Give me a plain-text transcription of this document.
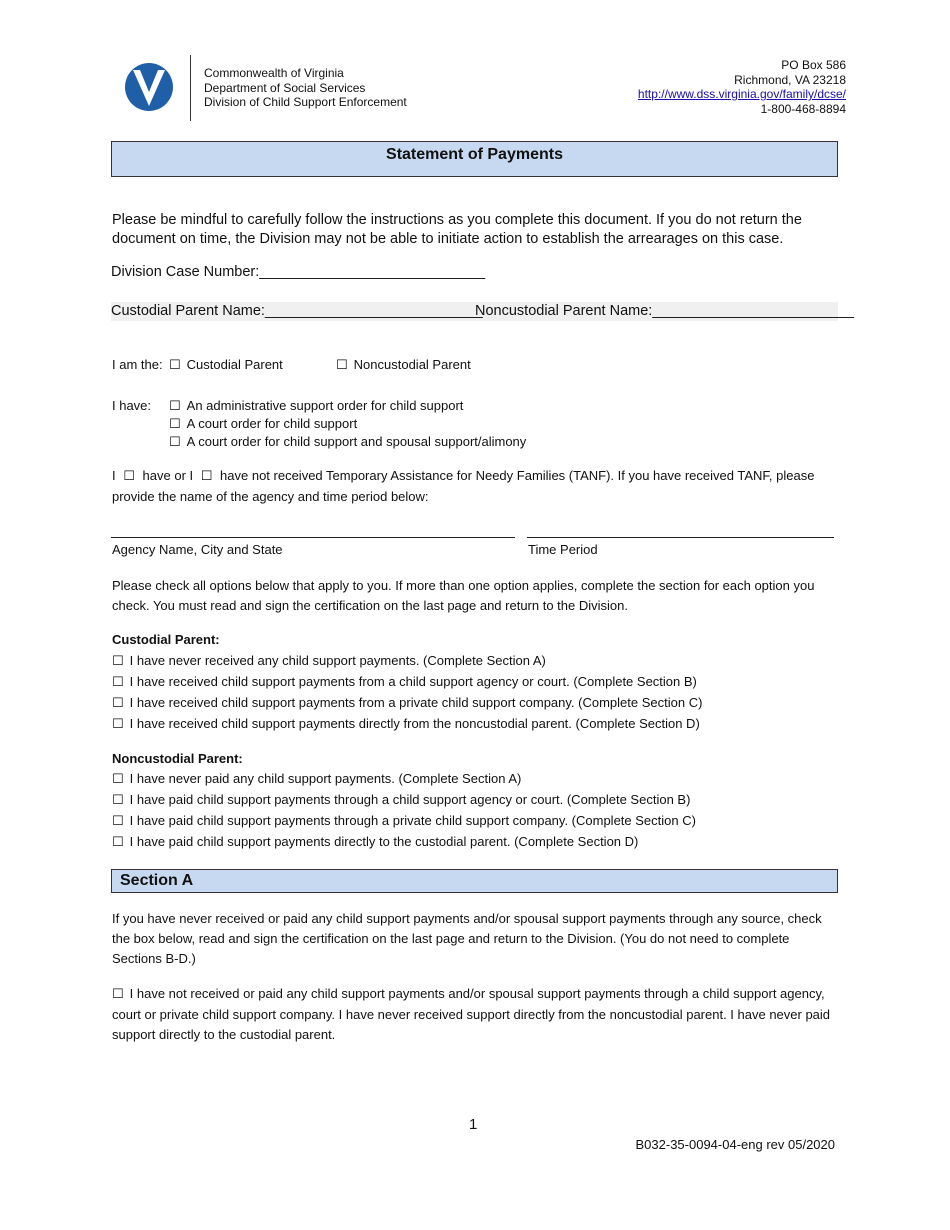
Commonwealth of Virginia
Department of Social Services
Division of Child Support Enforcement
PO Box 586
Richmond, VA 23218
http://www.dss.virginia.gov/family/dcse/
1-800-468-8894
Statement of Payments
Please be mindful to carefully follow the instructions as you complete this document. If you do not return the document on time, the Division may not be able to initiate action to establish the arrearages on this case.
Division Case Number:____________________________
Custodial Parent Name:___________________________
Noncustodial Parent Name:_________________________
I am the: ☐ Custodial Parent	☐ Noncustodial Parent
I have: ☐ An administrative support order for child support
☐ A court order for child support
☐ A court order for child support and spousal support/alimony
I ☐ have or I ☐ have not received Temporary Assistance for Needy Families (TANF). If you have received TANF, please provide the name of the agency and time period below:
Agency Name, City and State	Time Period
Please check all options below that apply to you. If more than one option applies, complete the section for each option you check. You must read and sign the certification on the last page and return to the Division.
Custodial Parent:
☐ I have never received any child support payments. (Complete Section A)
☐ I have received child support payments from a child support agency or court. (Complete Section B)
☐ I have received child support payments from a private child support company. (Complete Section C)
☐ I have received child support payments directly from the noncustodial parent. (Complete Section D)
Noncustodial Parent:
☐ I have never paid any child support payments. (Complete Section A)
☐ I have paid child support payments through a child support agency or court. (Complete Section B)
☐ I have paid child support payments through a private child support company. (Complete Section C)
☐ I have paid child support payments directly to the custodial parent. (Complete Section D)
Section A
If you have never received or paid any child support payments and/or spousal support payments through any source, check the box below, read and sign the certification on the last page and return to the Division. (You do not need to complete Sections B-D.)
☐ I have not received or paid any child support payments and/or spousal support payments through a child support agency, court or private child support company. I have never received support directly from the noncustodial parent. I have never paid support directly to the custodial parent.
1
B032-35-0094-04-eng rev 05/2020
